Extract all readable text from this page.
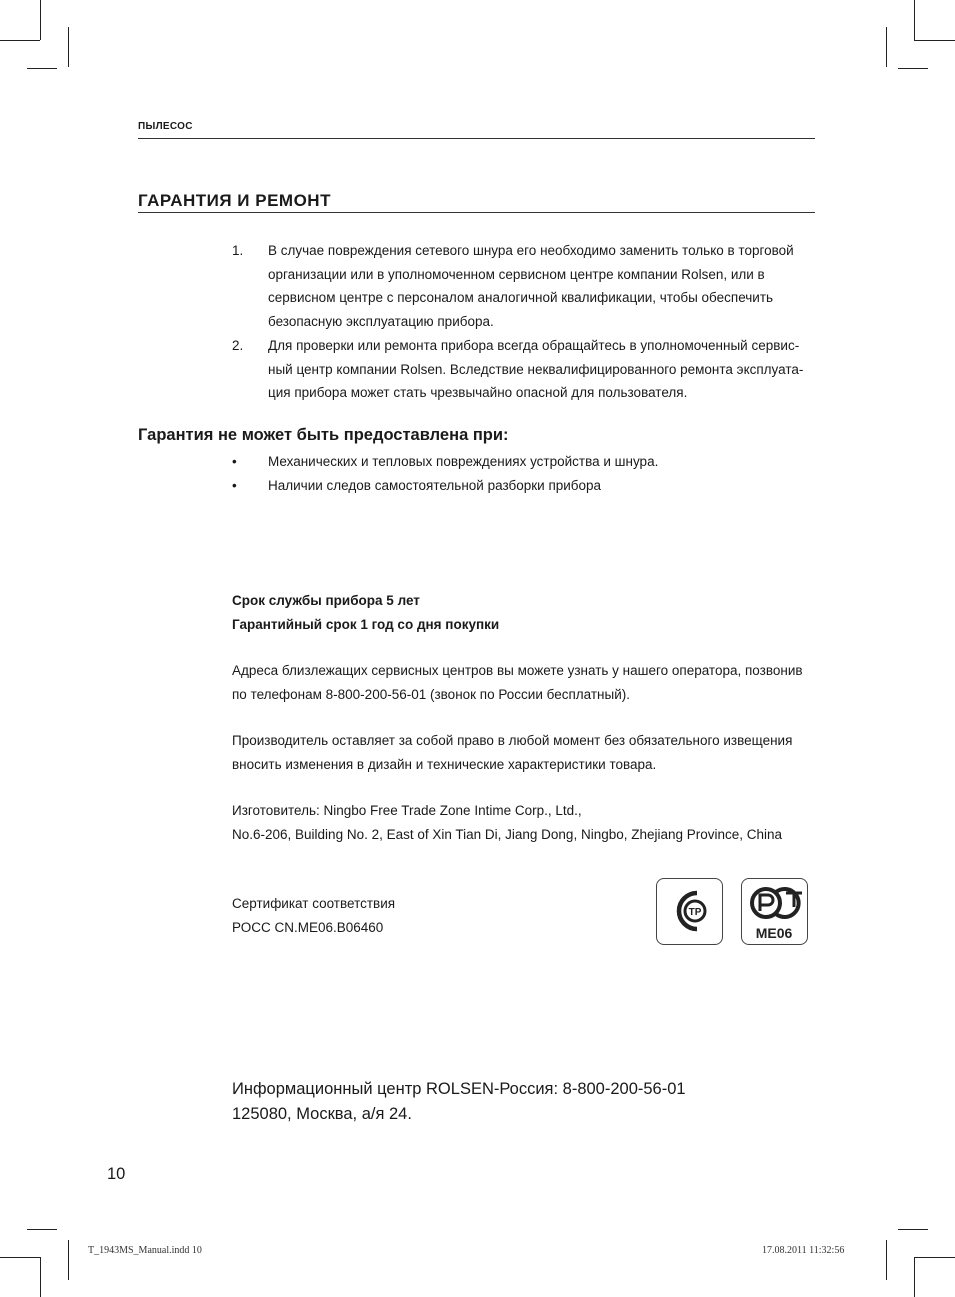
ПЫЛЕСОС
ГАРАНТИЯ И РЕМОНТ
1. В случае повреждения сетевого шнура его необходимо заменить только в торговой
организации или в уполномоченном сервисном центре компании Rolsen, или в
сервисном центре с персоналом аналогичной квалификации, чтобы обеспечить
безопасную эксплуатацию прибора.
2. Для проверки или ремонта прибора всегда обращайтесь в уполномоченный сервис-
ный центр компании Rolsen. Вследствие неквалифицированного ремонта эксплуата-
ция прибора может стать чрезвычайно опасной для пользователя.
Гарантия не может быть предоставлена при:
• Механических и тепловых повреждениях устройства и шнура.
• Наличии следов самостоятельной разборки прибора
Срок службы прибора 5 лет
Гарантийный срок 1 год со дня покупки
Адреса близлежащих сервисных центров вы можете узнать у нашего оператора, позвонив
по телефонам 8-800-200-56-01 (звонок по России бесплатный).
Производитель оставляет за собой право в любой момент без обязательного извещения
вносить изменения в дизайн и технические характеристики товара.
Изготовитель: Ningbo Free Trade Zone Intime Corp., Ltd.,
No.6-206, Building No. 2, East of Xin Tian Di, Jiang Dong, Ningbo, Zhejiang Province, China
Сертификат соответствия
РОСС CN.ME06.B06460
ТР
МЕ06
Информационный центр ROLSEN-Россия: 8-800-200-56-01
125080, Москва, а/я 24.
10
T_1943MS_Manual.indd 10	17.08.2011 11:32:56
